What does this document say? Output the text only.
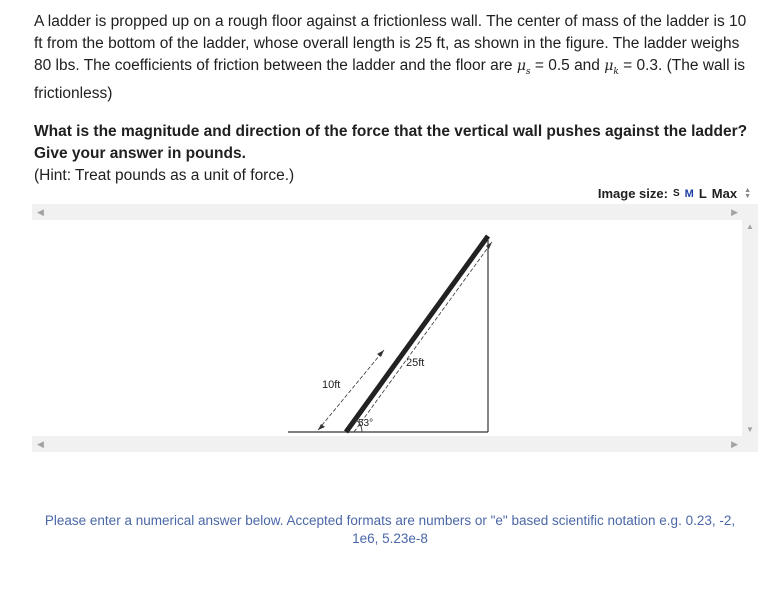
A ladder is propped up on a rough floor against a frictionless wall. The center of mass of the ladder is 10 ft from the bottom of the ladder, whose overall length is 25 ft, as shown in the figure. The ladder weighs 80 lbs. The coefficients of friction between the ladder and the floor are $\mu_s = 0.5$ and $\mu_k = 0.3$. (The wall is frictionless)
What is the magnitude and direction of the force that the vertical wall pushes against the ladder? Give your answer in pounds.
(Hint: Treat pounds as a unit of force.)
Image size: S M L Max ▲
▼
◀	▶
▲
▼
25ft
10ft
53°
◀	▶
Please enter a numerical answer below. Accepted formats are numbers or "e" based scientific notation e.g. 0.23, -2, 1e6, 5.23e-8
